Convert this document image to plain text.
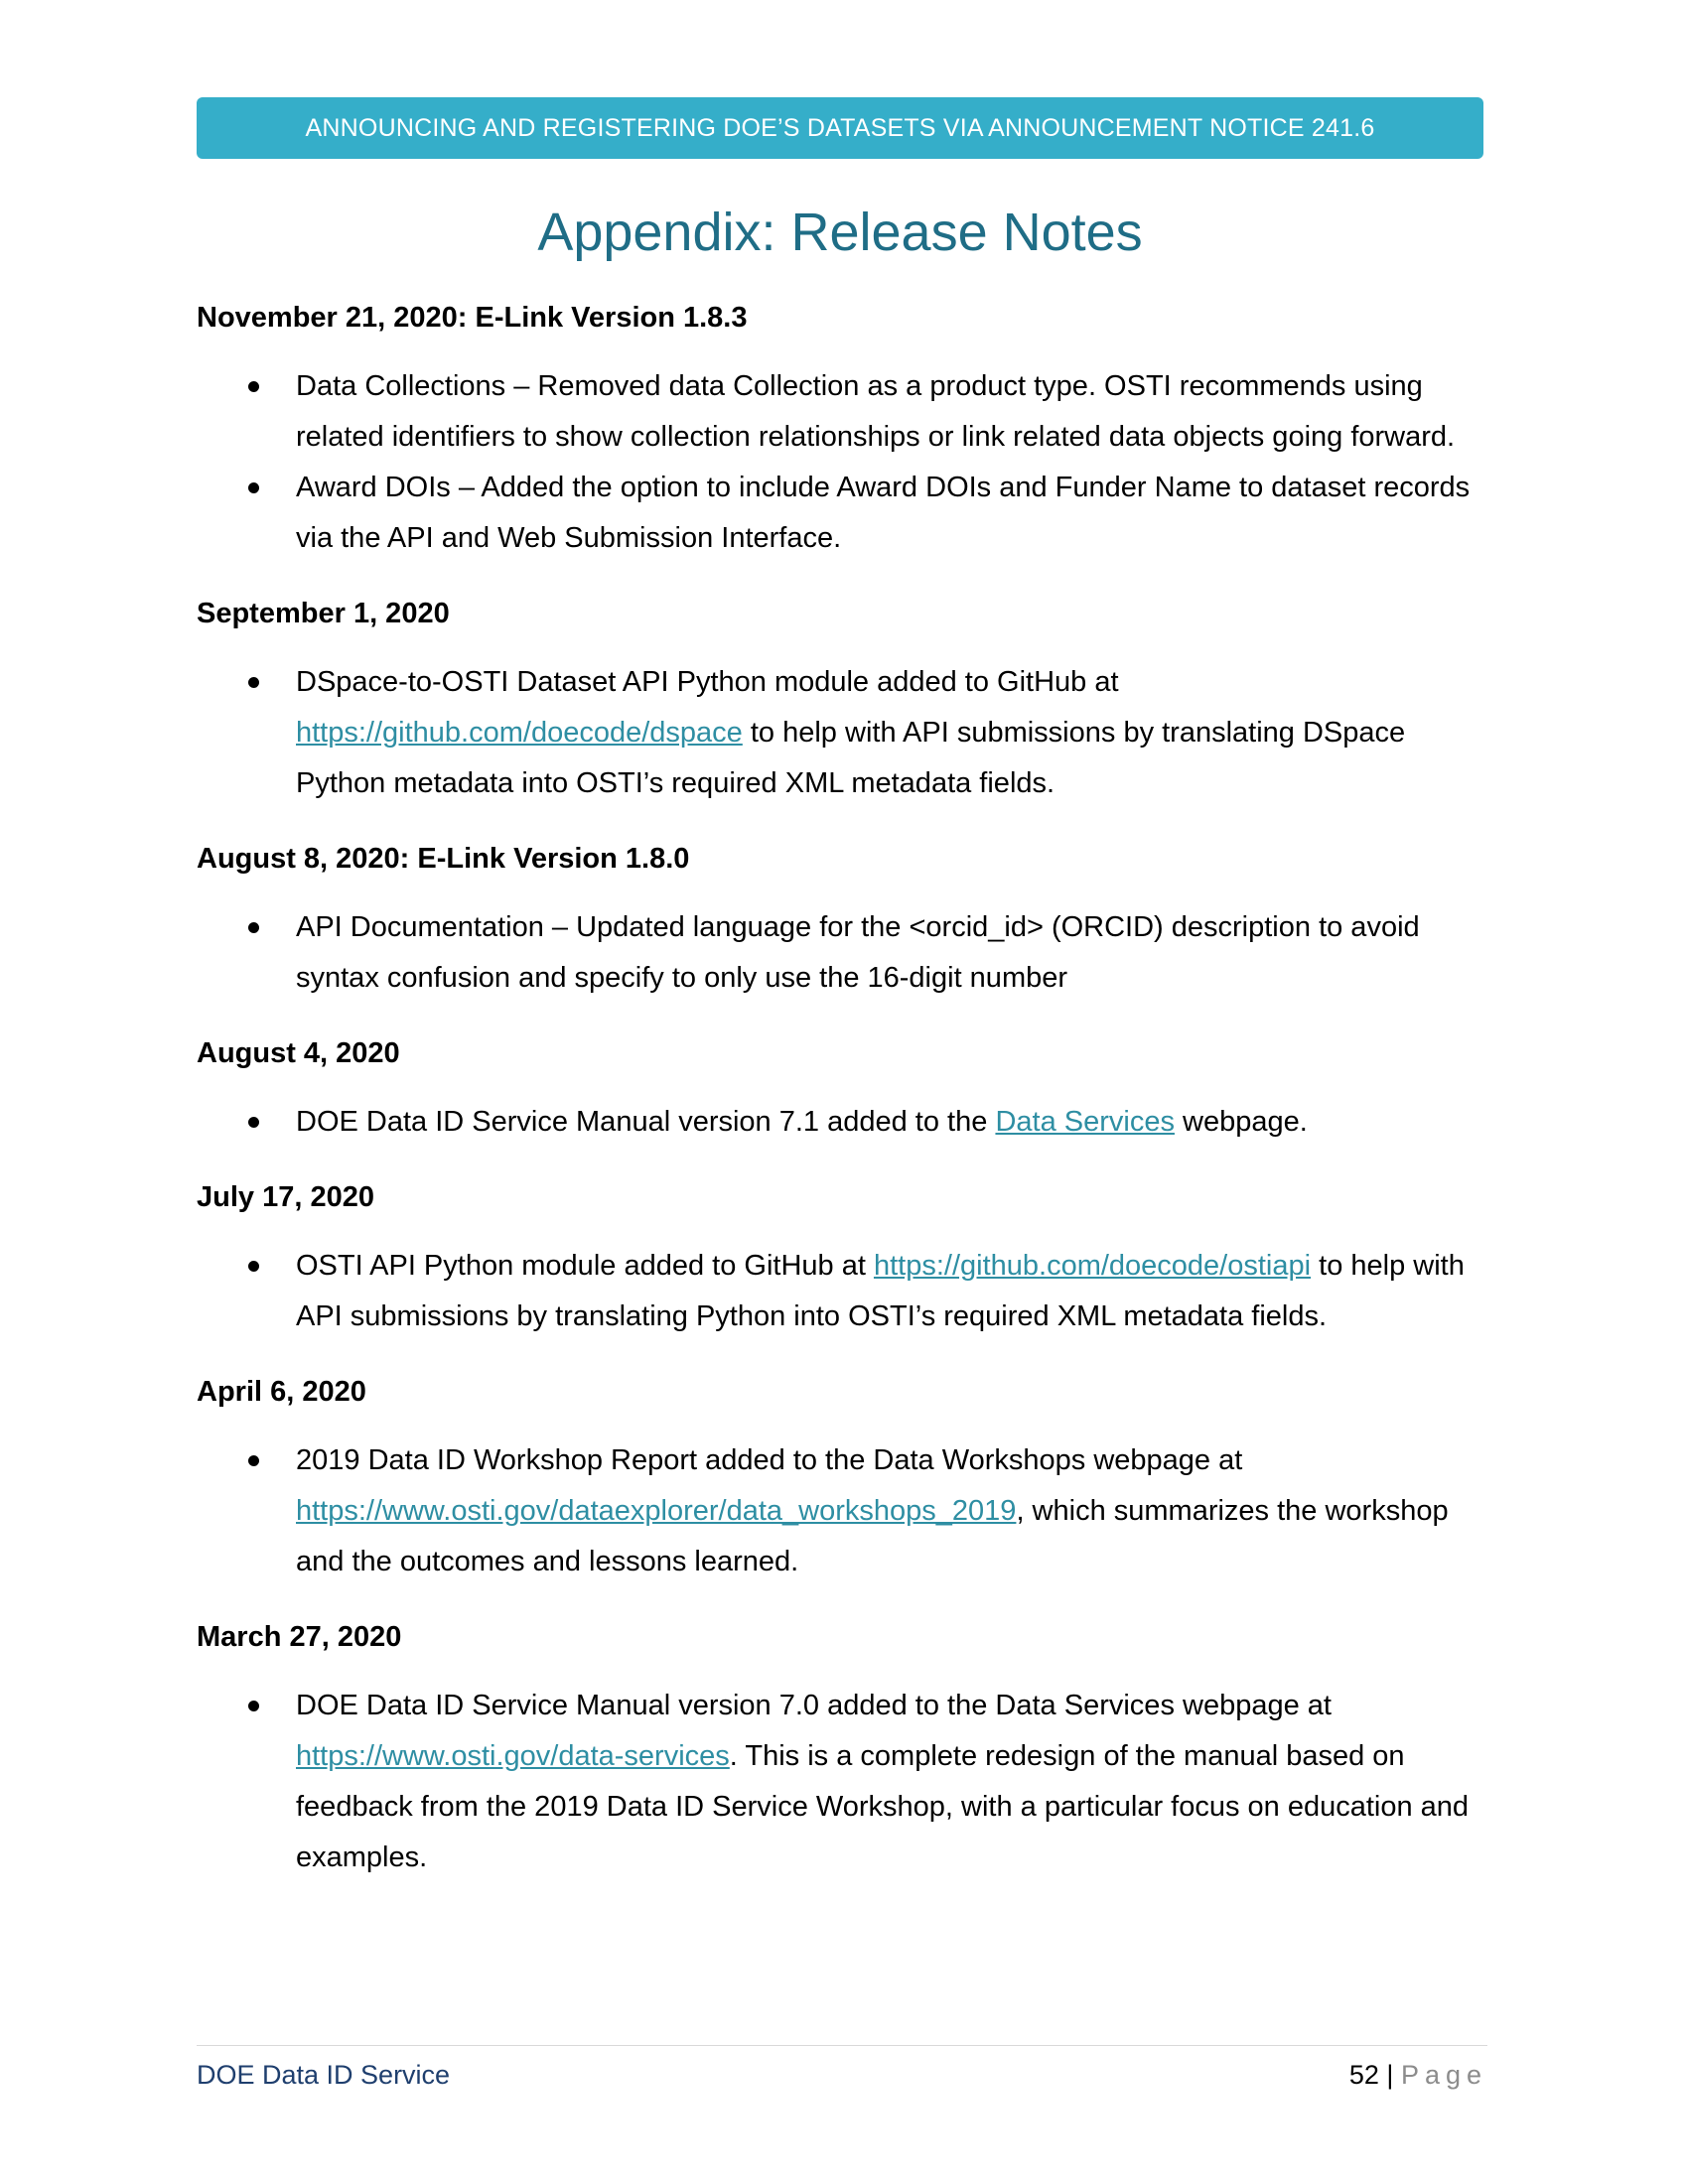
ANNOUNCING AND REGISTERING DOE’S DATASETS VIA ANNOUNCEMENT NOTICE 241.6
Appendix: Release Notes
November 21, 2020: E-Link Version 1.8.3
Data Collections – Removed data Collection as a product type. OSTI recommends using related identifiers to show collection relationships or link related data objects going forward.
Award DOIs – Added the option to include Award DOIs and Funder Name to dataset records via the API and Web Submission Interface.
September 1, 2020
DSpace-to-OSTI Dataset API Python module added to GitHub at https://github.com/doecode/dspace to help with API submissions by translating DSpace Python metadata into OSTI’s required XML metadata fields.
August 8, 2020: E-Link Version 1.8.0
API Documentation – Updated language for the <orcid_id> (ORCID) description to avoid syntax confusion and specify to only use the 16-digit number
August 4, 2020
DOE Data ID Service Manual version 7.1 added to the Data Services webpage.
July 17, 2020
OSTI API Python module added to GitHub at https://github.com/doecode/ostiapi to help with API submissions by translating Python into OSTI’s required XML metadata fields.
April 6, 2020
2019 Data ID Workshop Report added to the Data Workshops webpage at https://www.osti.gov/dataexplorer/data_workshops_2019, which summarizes the workshop and the outcomes and lessons learned.
March 27, 2020
DOE Data ID Service Manual version 7.0 added to the Data Services webpage at https://www.osti.gov/data-services. This is a complete redesign of the manual based on feedback from the 2019 Data ID Service Workshop, with a particular focus on education and examples.
DOE Data ID Service	52 | Page
